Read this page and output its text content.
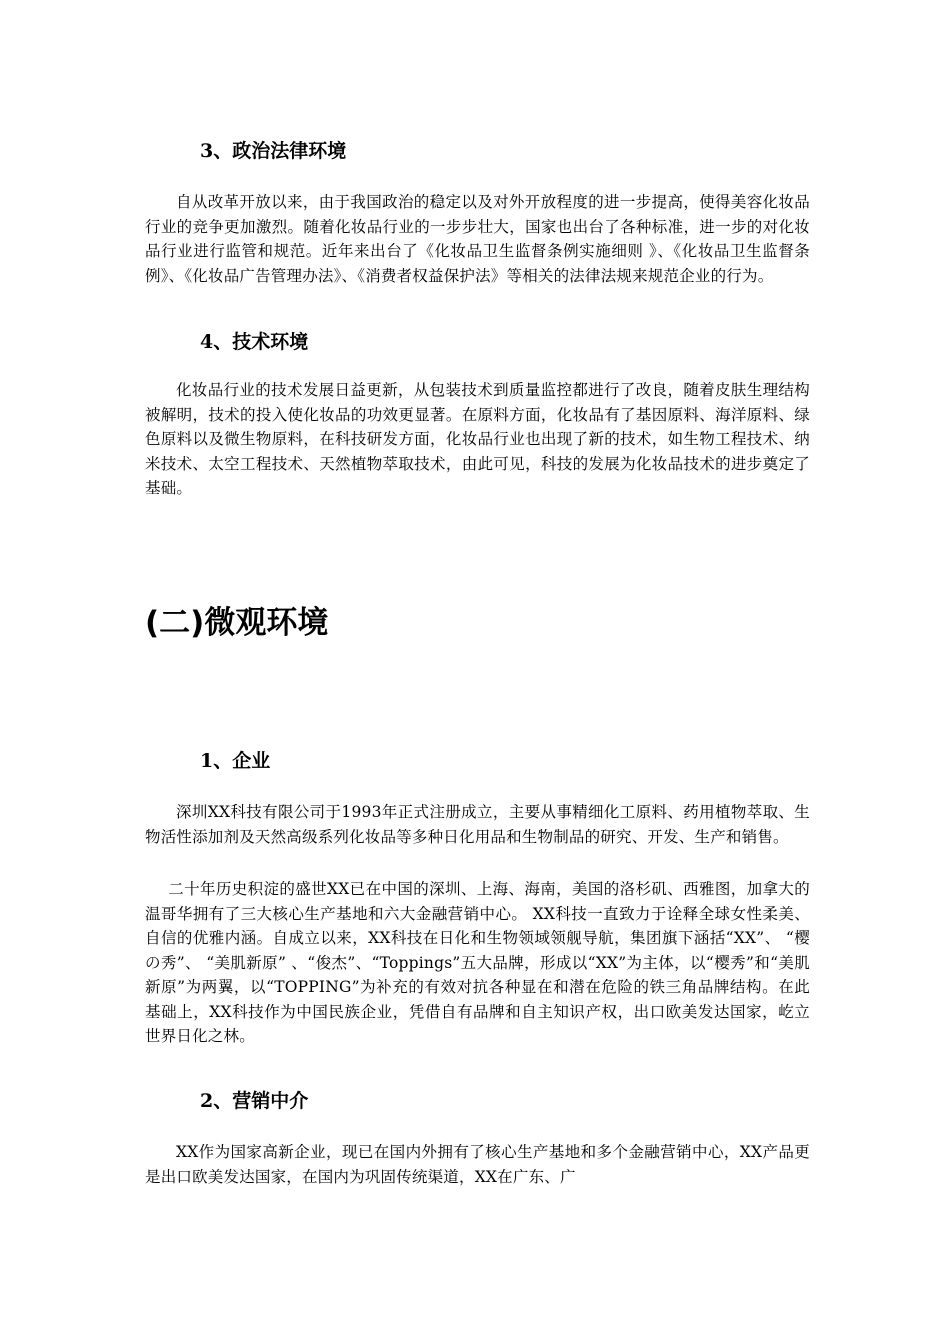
3、政治法律环境

自从改革开放以来，由于我国政治的稳定以及对外开放程度的进一步提高，使得美容化妆品行业的竞争更加激烈。随着化妆品行业的一步步壮大，国家也出台了各种标准，进一步的对化妆品行业进行监管和规范。近年来出台了《化妆品卫生监督条例实施细则 》、《化妆品卫生监督条例》、《化妆品广告管理办法》、《消费者权益保护法》等相关的法律法规来规范企业的行为。

4、技术环境

化妆品行业的技术发展日益更新，从包装技术到质量监控都进行了改良，随着皮肤生理结构被解明，技术的投入使化妆品的功效更显著。在原料方面，化妆品有了基因原料、海洋原料、绿色原料以及微生物原料，在科技研发方面，化妆品行业也出现了新的技术，如生物工程技术、纳米技术、太空工程技术、天然植物萃取技术，由此可见，科技的发展为化妆品技术的进步奠定了基础。

(二)微观环境
1、企业

深圳XX科技有限公司于1993年正式注册成立，主要从事精细化工原料、药用植物萃取、生物活性添加剂及天然高级系列化妆品等多种日化用品和生物制品的研究、开发、生产和销售。

二十年历史积淀的盛世XX已在中国的深圳、上海、海南，美国的洛杉矶、西雅图，加拿大的温哥华拥有了三大核心生产基地和六大金融营销中心。 XX科技一直致力于诠释全球女性柔美、自信的优雅内涵。自成立以来，XX科技在日化和生物领域领舰导航，集团旗下涵括“XX”、 “樱の秀”、 “美肌新原” 、“俊杰”、“Toppings”五大品牌，形成以“XX”为主体，以“樱秀”和“美肌新原”为两翼，以“TOPPING”为补充的有效对抗各种显在和潜在危险的铁三角品牌结构。在此基础上，XX科技作为中国民族企业，凭借自有品牌和自主知识产权，出口欧美发达国家，屹立世界日化之林。

2、营销中介

XX作为国家高新企业，现已在国内外拥有了核心生产基地和多个金融营销中心，XX产品更是出口欧美发达国家，在国内为巩固传统渠道，XX在广东、广
